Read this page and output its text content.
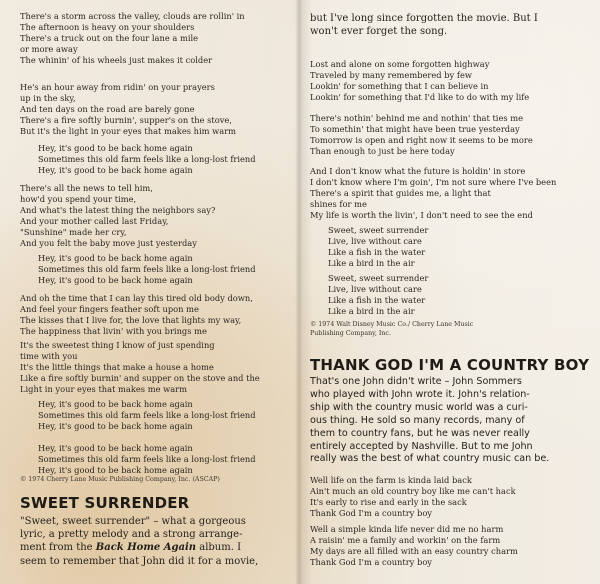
There's a storm across the valley, clouds are rollin' in
The afternoon is heavy on your shoulders
There's a truck out on the four lane a mile
or more away
The whinin' of his wheels just makes it colder
He's an hour away from ridin' on your prayers
up in the sky,
And ten days on the road are barely gone
There's a fire softly burnin', supper's on the stove,
But it's the light in your eyes that makes him warm
Hey, it's good to be back home again
Sometimes this old farm feels like a long-lost friend
Hey, it's good to be back home again
There's all the news to tell him,
how'd you spend your time,
And what's the latest thing the neighbors say?
And your mother called last Friday,
"Sunshine" made her cry,
And you felt the baby move just yesterday
Hey, it's good to be back home again
Sometimes this old farm feels like a long-lost friend
Hey, it's good to be back home again
And oh the time that I can lay this tired old body down,
And feel your fingers feather soft upon me
The kisses that I live for, the love that lights my way,
The happiness that livin' with you brings me
It's the sweetest thing I know of just spending
time with you
It's the little things that make a house a home
Like a fire softly burnin' and supper on the stove and the
Light in your eyes that makes me warm
Hey, it's good to be back home again
Sometimes this old farm feels like a long-lost friend
Hey, it's good to be back home again

Hey, it's good to be back home again
Sometimes this old farm feels like a long-lost friend
Hey, it's good to be back home again
© 1974 Cherry Lane Music Publishing Company, Inc. (ASCAP)
SWEET SURRENDER
"Sweet, sweet surrender" – what a gorgeous
lyric, a pretty melody and a strong arrange-
ment from the Back Home Again album. I
seem to remember that John did it for a movie,
but I've long since forgotten the movie. But I
won't ever forget the song.
Lost and alone on some forgotten highway
Traveled by many remembered by few
Lookin' for something that I can believe in
Lookin' for something that I'd like to do with my life
There's nothin' behind me and nothin' that ties me
To somethin' that might have been true yesterday
Tomorrow is open and right now it seems to be more
Than enough to just be here today
And I don't know what the future is holdin' in store
I don't know where I'm goin', I'm not sure where I've been
There's a spirit that guides me, a light that
shines for me
My life is worth the livin', I don't need to see the end
Sweet, sweet surrender
Live, live without care
Like a fish in the water
Like a bird in the air
Sweet, sweet surrender
Live, live without care
Like a fish in the water
Like a bird in the air
© 1974 Walt Disney Music Co./ Cherry Lane Music
Publishing Company, Inc.
THANK GOD I'M A COUNTRY BOY
That's one John didn't write – John Sommers
who played with John wrote it. John's relation-
ship with the country music world was a curi-
ous thing. He sold so many records, many of
them to country fans, but he was never really
entirely accepted by Nashville. But to me John
really was the best of what country music can be.
Well life on the farm is kinda laid back
Ain't much an old country boy like me can't hack
It's early to rise and early in the sack
Thank God I'm a country boy
Well a simple kinda life never did me no harm
A raisin' me a family and workin' on the farm
My days are all filled with an easy country charm
Thank God I'm a country boy
